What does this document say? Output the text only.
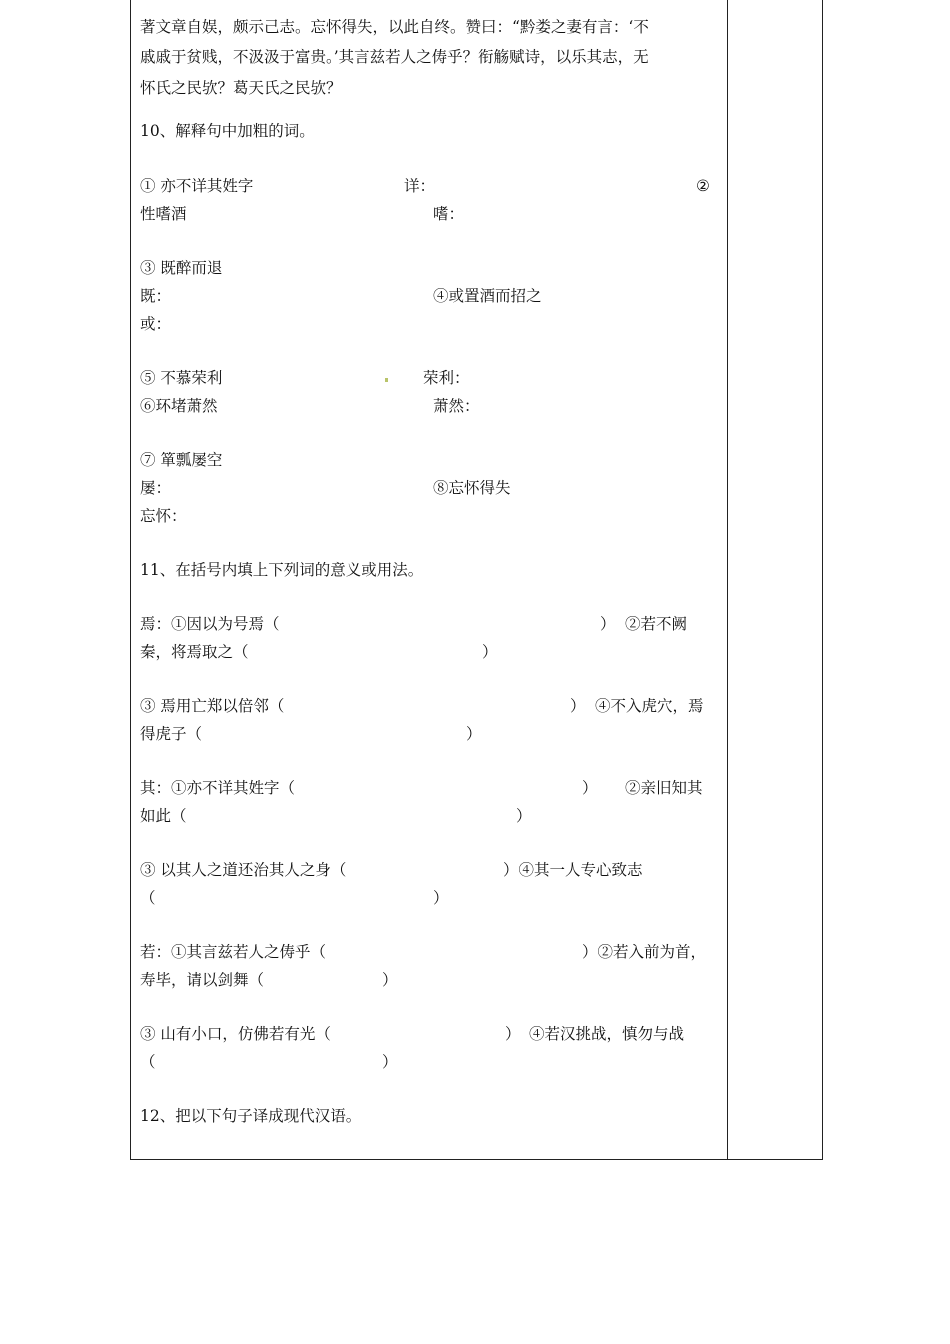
著文章自娱，颇示己志。忘怀得失，以此自终。赞曰：“黔娄之妻有言：‘不
戚戚于贫贱，不汲汲于富贵。’其言兹若人之俦乎？衔觞赋诗，以乐其志，无
怀氏之民欤？葛天氏之民欤？
10、解释句中加粗的词。
① 亦不详其姓字	详：	②
性嗜酒	嗜：
③ 既醉而退
既：	④或置酒而招之
或：
⑤ 不慕荣利	荣利：
⑥环堵萧然	萧然：
⑦ 箪瓢屡空
屡：	⑧忘怀得失
忘怀：
11、在括号内填上下列词的意义或用法。
焉：①因以为号焉（	） ②若不阙
秦，将焉取之（	）
③ 焉用亡郑以倍邻（	） ④不入虎穴，焉
得虎子（	）
其：①亦不详其姓字（	） ②亲旧知其
如此（	）
③ 以其人之道还治其人之身（	）④其一人专心致志
（	）
若：①其言兹若人之俦乎（	）②若入前为首，
寿毕，请以剑舞（	）
③ 山有小口，仿佛若有光（	） ④若汉挑战，慎勿与战
（	）
12、把以下句子译成现代汉语。
